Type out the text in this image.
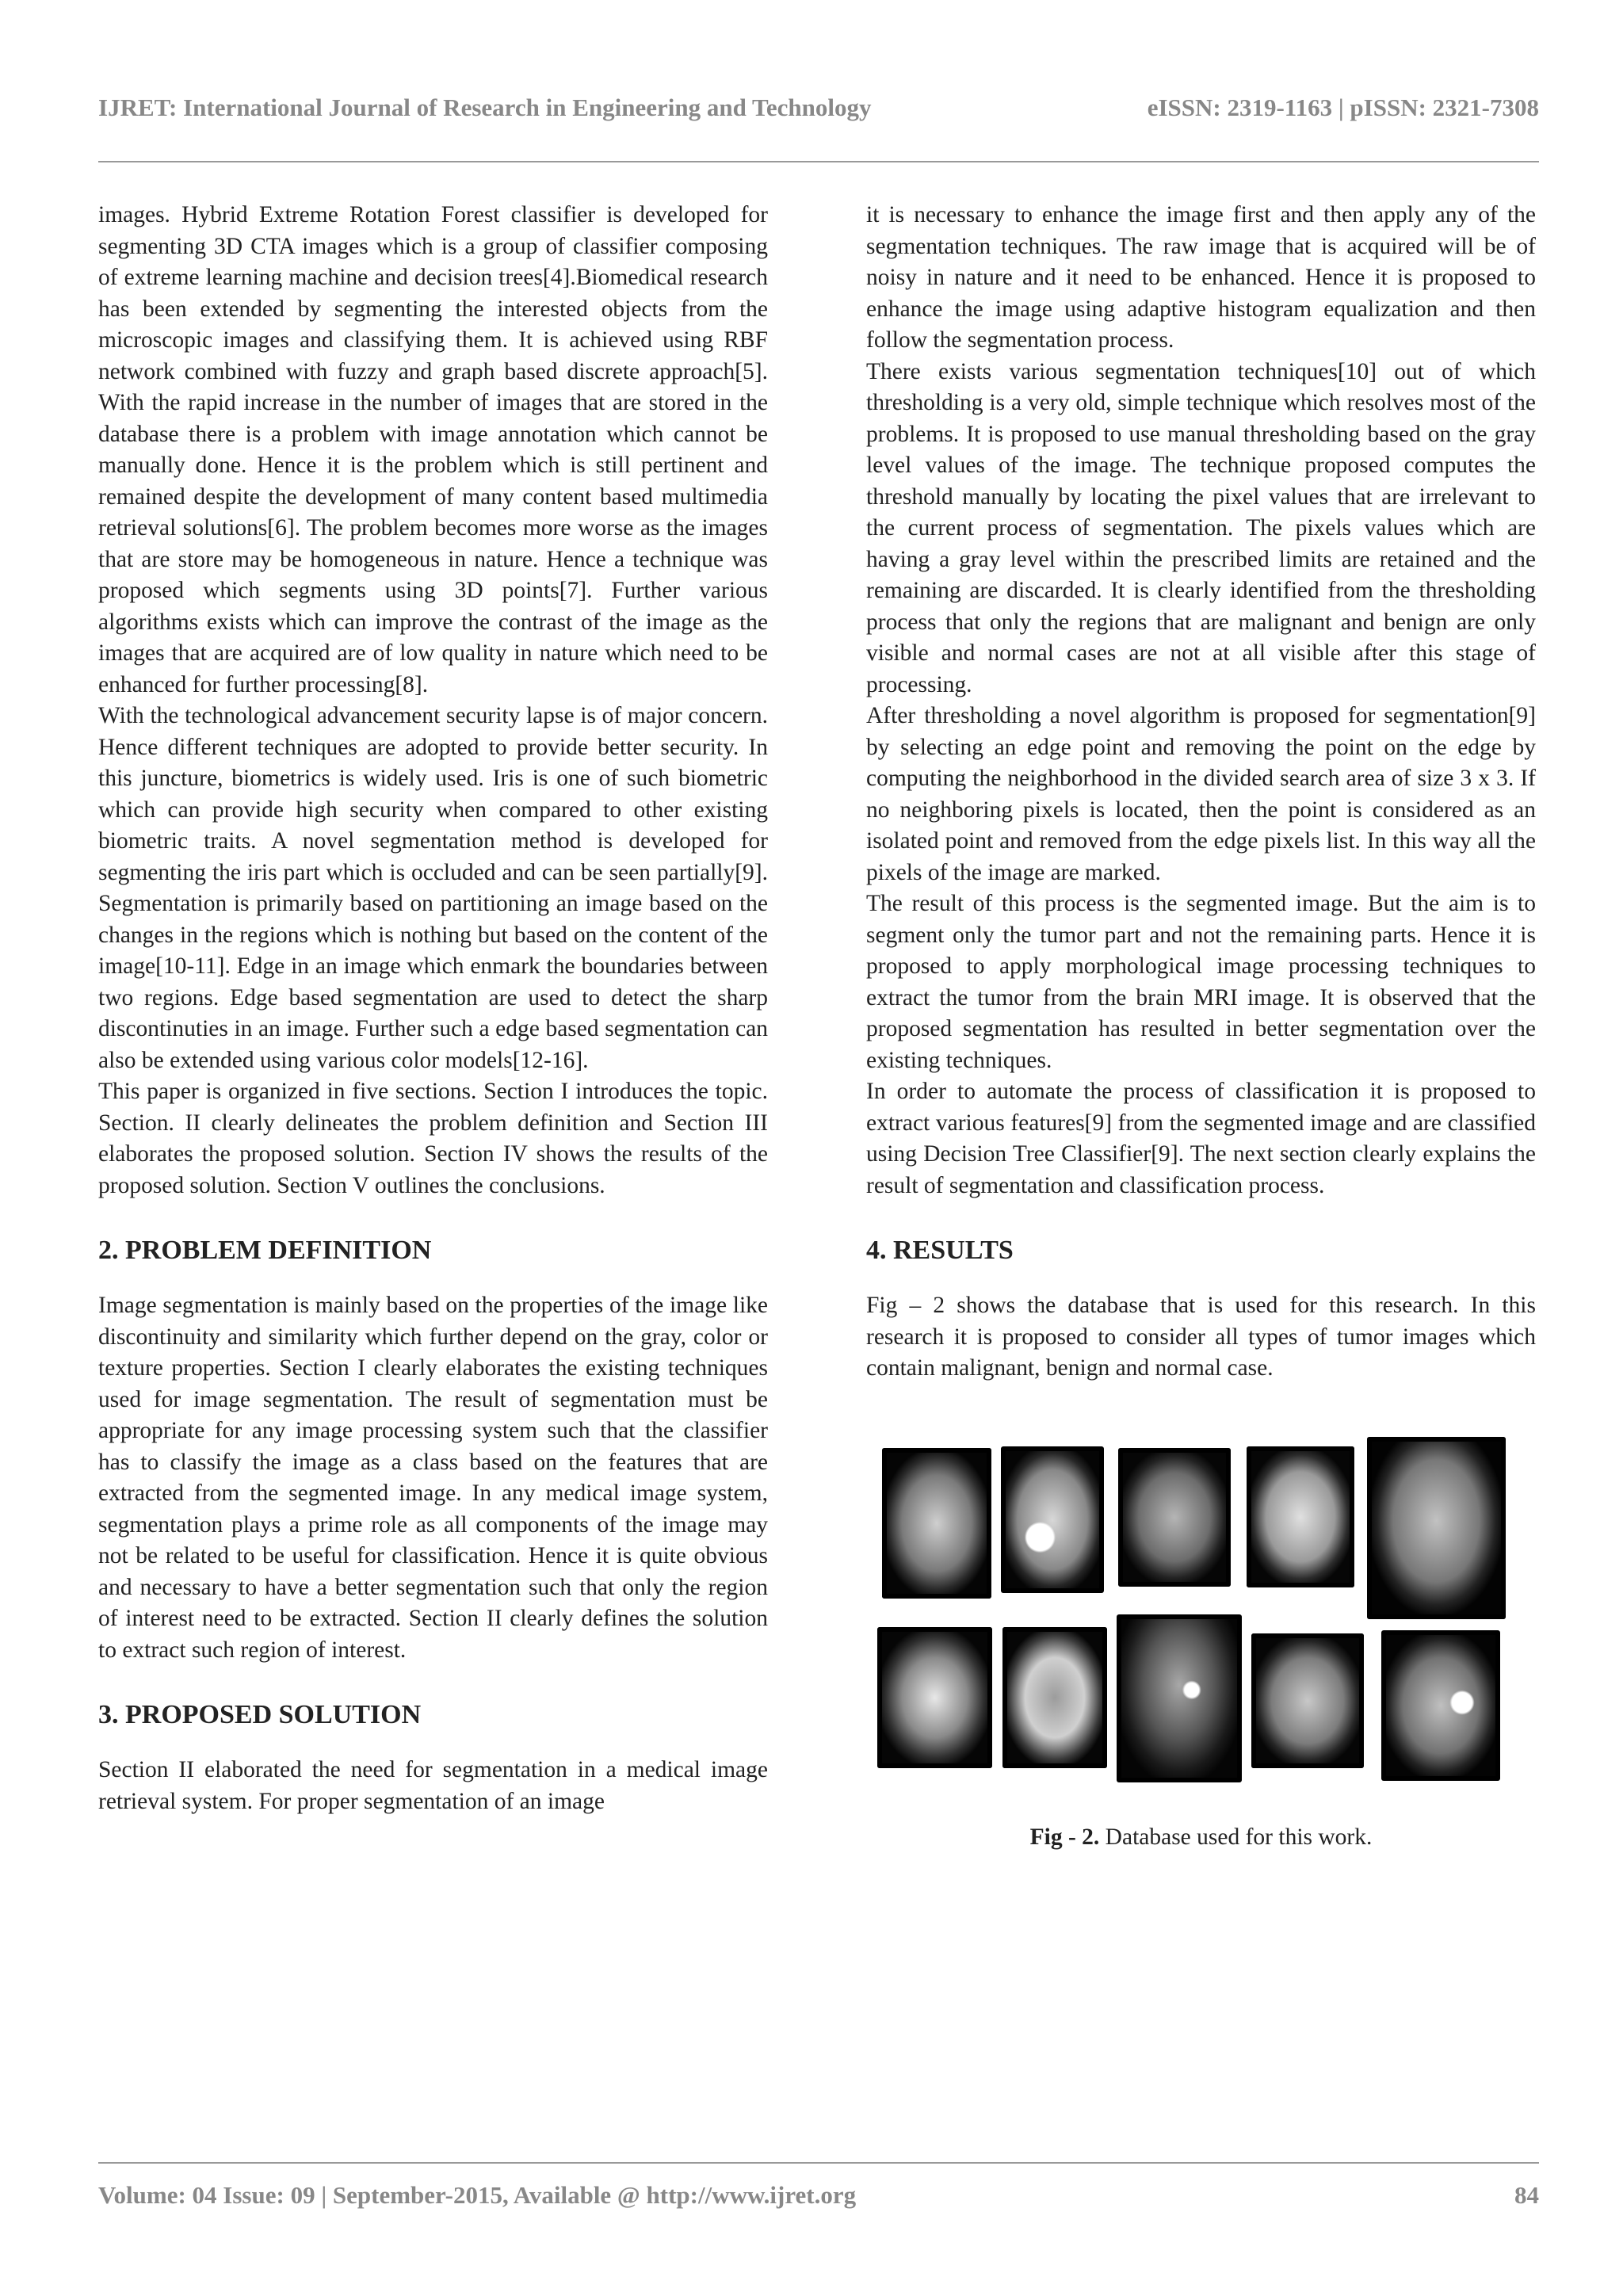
IJRET: International Journal of Research in Engineering and Technology	eISSN: 2319-1163 | pISSN: 2321-7308

images. Hybrid Extreme Rotation Forest classifier is developed for segmenting 3D CTA images which is a group of classifier composing of extreme learning machine and decision trees[4].Biomedical research has been extended by segmenting the interested objects from the microscopic images and classifying them. It is achieved using RBF network combined with fuzzy and graph based discrete approach[5]. With the rapid increase in the number of images that are stored in the database there is a problem with image annotation which cannot be manually done. Hence it is the problem which is still pertinent and remained despite the development of many content based multimedia retrieval solutions[6]. The problem becomes more worse as the images that are store may be homogeneous in nature. Hence a technique was proposed which segments using 3D points[7]. Further various algorithms exists which can improve the contrast of the image as the images that are acquired are of low quality in nature which need to be enhanced for further processing[8].

With the technological advancement security lapse is of major concern. Hence different techniques are adopted to provide better security. In this juncture, biometrics is widely used. Iris is one of such biometric which can provide high security when compared to other existing biometric traits. A novel segmentation method is developed for segmenting the iris part which is occluded and can be seen partially[9]. Segmentation is primarily based on partitioning an image based on the changes in the regions which is nothing but based on the content of the image[10-11]. Edge in an image which enmark the boundaries between two regions. Edge based segmentation are used to detect the sharp discontinuties in an image. Further such a edge based segmentation can also be extended using various color models[12-16].

This paper is organized in five sections. Section I introduces the topic. Section. II clearly delineates the problem definition and Section III elaborates the proposed solution. Section IV shows the results of the proposed solution. Section V outlines the conclusions.

2. PROBLEM DEFINITION

Image segmentation is mainly based on the properties of the image like discontinuity and similarity which further depend on the gray, color or texture properties. Section I clearly elaborates the existing techniques used for image segmentation. The result of segmentation must be appropriate for any image processing system such that the classifier has to classify the image as a class based on the features that are extracted from the segmented image. In any medical image system, segmentation plays a prime role as all components of the image may not be related to be useful for classification. Hence it is quite obvious and necessary to have a better segmentation such that only the region of interest need to be extracted. Section II clearly defines the solution to extract such region of interest.

3. PROPOSED SOLUTION

Section II elaborated the need for segmentation in a medical image retrieval system. For proper segmentation of an image

it is necessary to enhance the image first and then apply any of the segmentation techniques. The raw image that is acquired will be of noisy in nature and it need to be enhanced. Hence it is proposed to enhance the image using adaptive histogram equalization and then follow the segmentation process.

There exists various segmentation techniques[10] out of which thresholding is a very old, simple technique which resolves most of the problems. It is proposed to use manual thresholding based on the gray level values of the image. The technique proposed computes the threshold manually by locating the pixel values that are irrelevant to the current process of segmentation. The pixels values which are having a gray level within the prescribed limits are retained and the remaining are discarded. It is clearly identified from the thresholding process that only the regions that are malignant and benign are only visible and normal cases are not at all visible after this stage of processing.

After thresholding a novel algorithm is proposed for segmentation[9] by selecting an edge point and removing the point on the edge by computing the neighborhood in the divided search area of size 3 x 3. If no neighboring pixels is located, then the point is considered as an isolated point and removed from the edge pixels list. In this way all the pixels of the image are marked.

The result of this process is the segmented image. But the aim is to segment only the tumor part and not the remaining parts. Hence it is proposed to apply morphological image processing techniques to extract the tumor from the brain MRI image. It is observed that the proposed segmentation has resulted in better segmentation over the existing techniques.

In order to automate the process of classification it is proposed to extract various features[9] from the segmented image and are classified using Decision Tree Classifier[9]. The next section clearly explains the result of segmentation and classification process.

4. RESULTS

Fig – 2 shows the database that is used for this research. In this research it is proposed to consider all types of tumor images which contain malignant, benign and normal case.

Fig - 2. Database used for this work.
Volume: 04 Issue: 09 | September-2015, Available @ http://www.ijret.org	84
